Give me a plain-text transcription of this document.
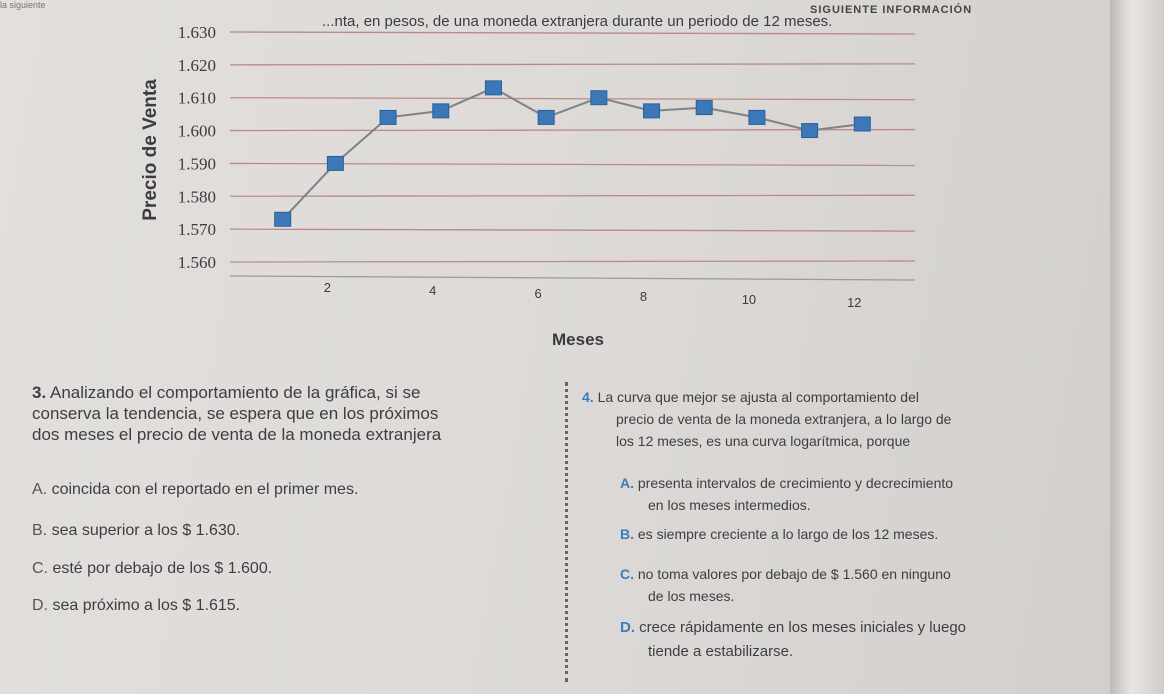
la siguiente	SIGUIENTE INFORMACIÓN
...nta, en pesos, de una moneda extranjera durante un periodo de 12 meses.
1.560
1.570
1.580
1.590
1.600
1.610
1.620
1.630
2	4	6	8	10	12
Precio de Venta
Meses
3. Analizando el comportamiento de la gráfica, si se
conserva la tendencia, se espera que en los próximos
dos meses el precio de venta de la moneda extranjera
A. coincida con el reportado en el primer mes.
B. sea superior a los $ 1.630.
C. esté por debajo de los $ 1.600.
D. sea próximo a los $ 1.615.
4. La curva que mejor se ajusta al comportamiento del
precio de venta de la moneda extranjera, a lo largo de
los 12 meses, es una curva logarítmica, porque
A. presenta intervalos de crecimiento y decrecimiento
en los meses intermedios.
B. es siempre creciente a lo largo de los 12 meses.
C. no toma valores por debajo de $ 1.560 en ninguno
de los meses.
D. crece rápidamente en los meses iniciales y luego
tiende a estabilizarse.
